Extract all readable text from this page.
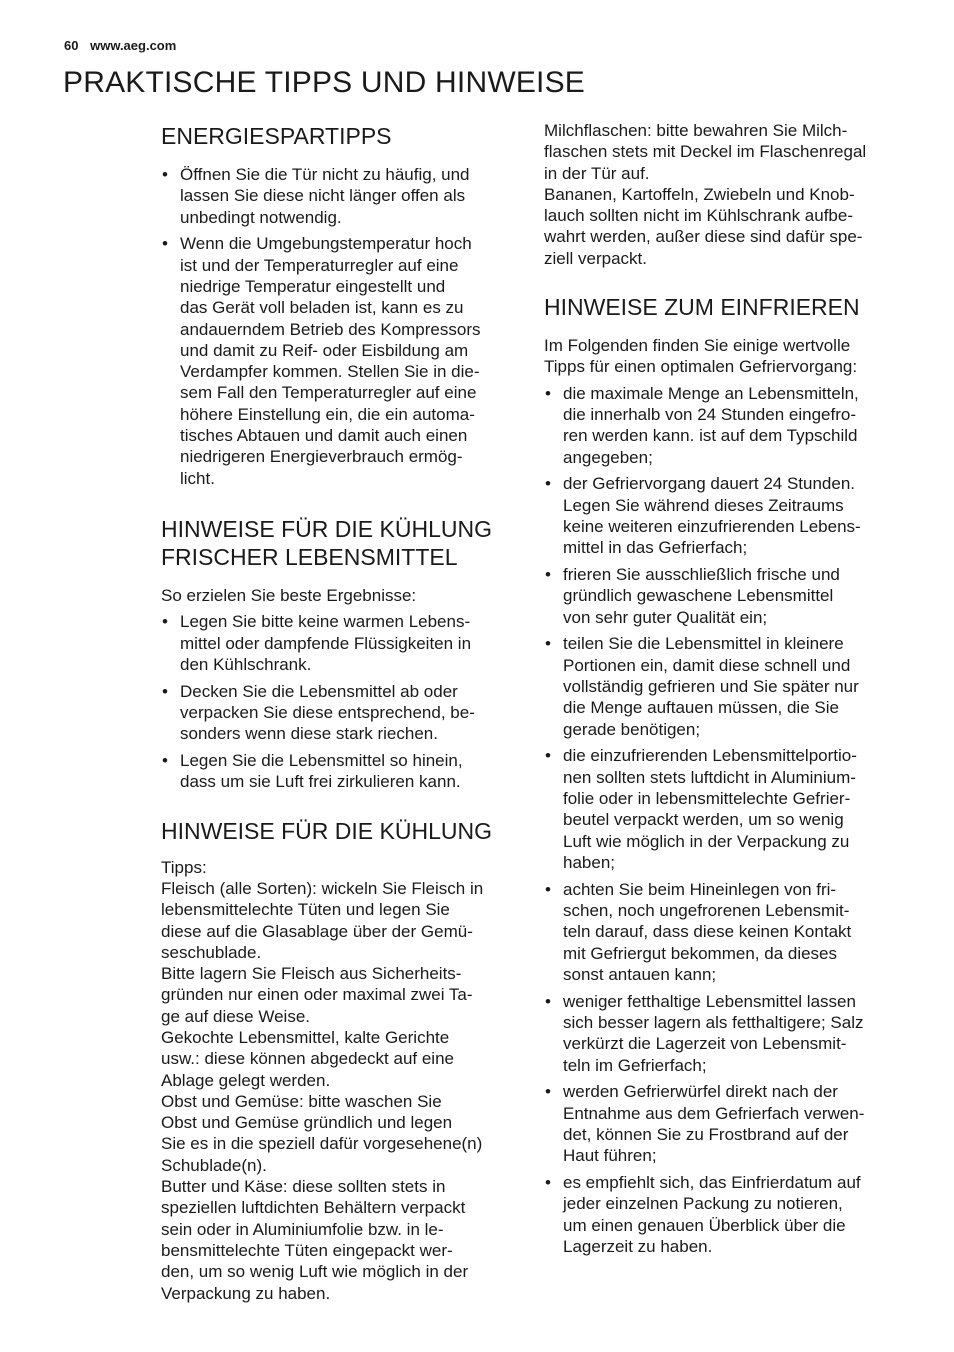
60 www.aeg.com
PRAKTISCHE TIPPS UND HINWEISE
ENERGIESPARTIPPS
• Öffnen Sie die Tür nicht zu häufig, und
lassen Sie diese nicht länger offen als
unbedingt notwendig.
• Wenn die Umgebungstemperatur hoch
ist und der Temperaturregler auf eine
niedrige Temperatur eingestellt und
das Gerät voll beladen ist, kann es zu
andauerndem Betrieb des Kompressors
und damit zu Reif- oder Eisbildung am
Verdampfer kommen. Stellen Sie in die-
sem Fall den Temperaturregler auf eine
höhere Einstellung ein, die ein automa-
tisches Abtauen und damit auch einen
niedrigeren Energieverbrauch ermög-
licht.
HINWEISE FÜR DIE KÜHLUNG
FRISCHER LEBENSMITTEL

So erzielen Sie beste Ergebnisse:

• Legen Sie bitte keine warmen Lebens-
mittel oder dampfende Flüssigkeiten in
den Kühlschrank.
• Decken Sie die Lebensmittel ab oder
verpacken Sie diese entsprechend, be-
sonders wenn diese stark riechen.
• Legen Sie die Lebensmittel so hinein,
dass um sie Luft frei zirkulieren kann.
HINWEISE FÜR DIE KÜHLUNG

Tipps:
Fleisch (alle Sorten): wickeln Sie Fleisch in
lebensmittelechte Tüten und legen Sie
diese auf die Glasablage über der Gemü-
seschublade.
Bitte lagern Sie Fleisch aus Sicherheits-
gründen nur einen oder maximal zwei Ta-
ge auf diese Weise.
Gekochte Lebensmittel, kalte Gerichte
usw.: diese können abgedeckt auf eine
Ablage gelegt werden.
Obst und Gemüse: bitte waschen Sie
Obst und Gemüse gründlich und legen
Sie es in die speziell dafür vorgesehene(n)
Schublade(n).
Butter und Käse: diese sollten stets in
speziellen luftdichten Behältern verpackt
sein oder in Aluminiumfolie bzw. in le-
bensmittelechte Tüten eingepackt wer-
den, um so wenig Luft wie möglich in der
Verpackung zu haben.

Milchflaschen: bitte bewahren Sie Milch-
flaschen stets mit Deckel im Flaschenregal
in der Tür auf.
Bananen, Kartoffeln, Zwiebeln und Knob-
lauch sollten nicht im Kühlschrank aufbe-
wahrt werden, außer diese sind dafür spe-
ziell verpackt.

HINWEISE ZUM EINFRIEREN

Im Folgenden finden Sie einige wertvolle
Tipps für einen optimalen Gefriervorgang:

• die maximale Menge an Lebensmitteln,
die innerhalb von 24 Stunden eingefro-
ren werden kann. ist auf dem Typschild
angegeben;
• der Gefriervorgang dauert 24 Stunden.
Legen Sie während dieses Zeitraums
keine weiteren einzufrierenden Lebens-
mittel in das Gefrierfach;
• frieren Sie ausschließlich frische und
gründlich gewaschene Lebensmittel
von sehr guter Qualität ein;
• teilen Sie die Lebensmittel in kleinere
Portionen ein, damit diese schnell und
vollständig gefrieren und Sie später nur
die Menge auftauen müssen, die Sie
gerade benötigen;
• die einzufrierenden Lebensmittelportio-
nen sollten stets luftdicht in Aluminium-
folie oder in lebensmittelechte Gefrier-
beutel verpackt werden, um so wenig
Luft wie möglich in der Verpackung zu
haben;
• achten Sie beim Hineinlegen von fri-
schen, noch ungefrorenen Lebensmit-
teln darauf, dass diese keinen Kontakt
mit Gefriergut bekommen, da dieses
sonst antauen kann;
• weniger fetthaltige Lebensmittel lassen
sich besser lagern als fetthaltigere; Salz
verkürzt die Lagerzeit von Lebensmit-
teln im Gefrierfach;
• werden Gefrierwürfel direkt nach der
Entnahme aus dem Gefrierfach verwen-
det, können Sie zu Frostbrand auf der
Haut führen;
• es empfiehlt sich, das Einfrierdatum auf
jeder einzelnen Packung zu notieren,
um einen genauen Überblick über die
Lagerzeit zu haben.
